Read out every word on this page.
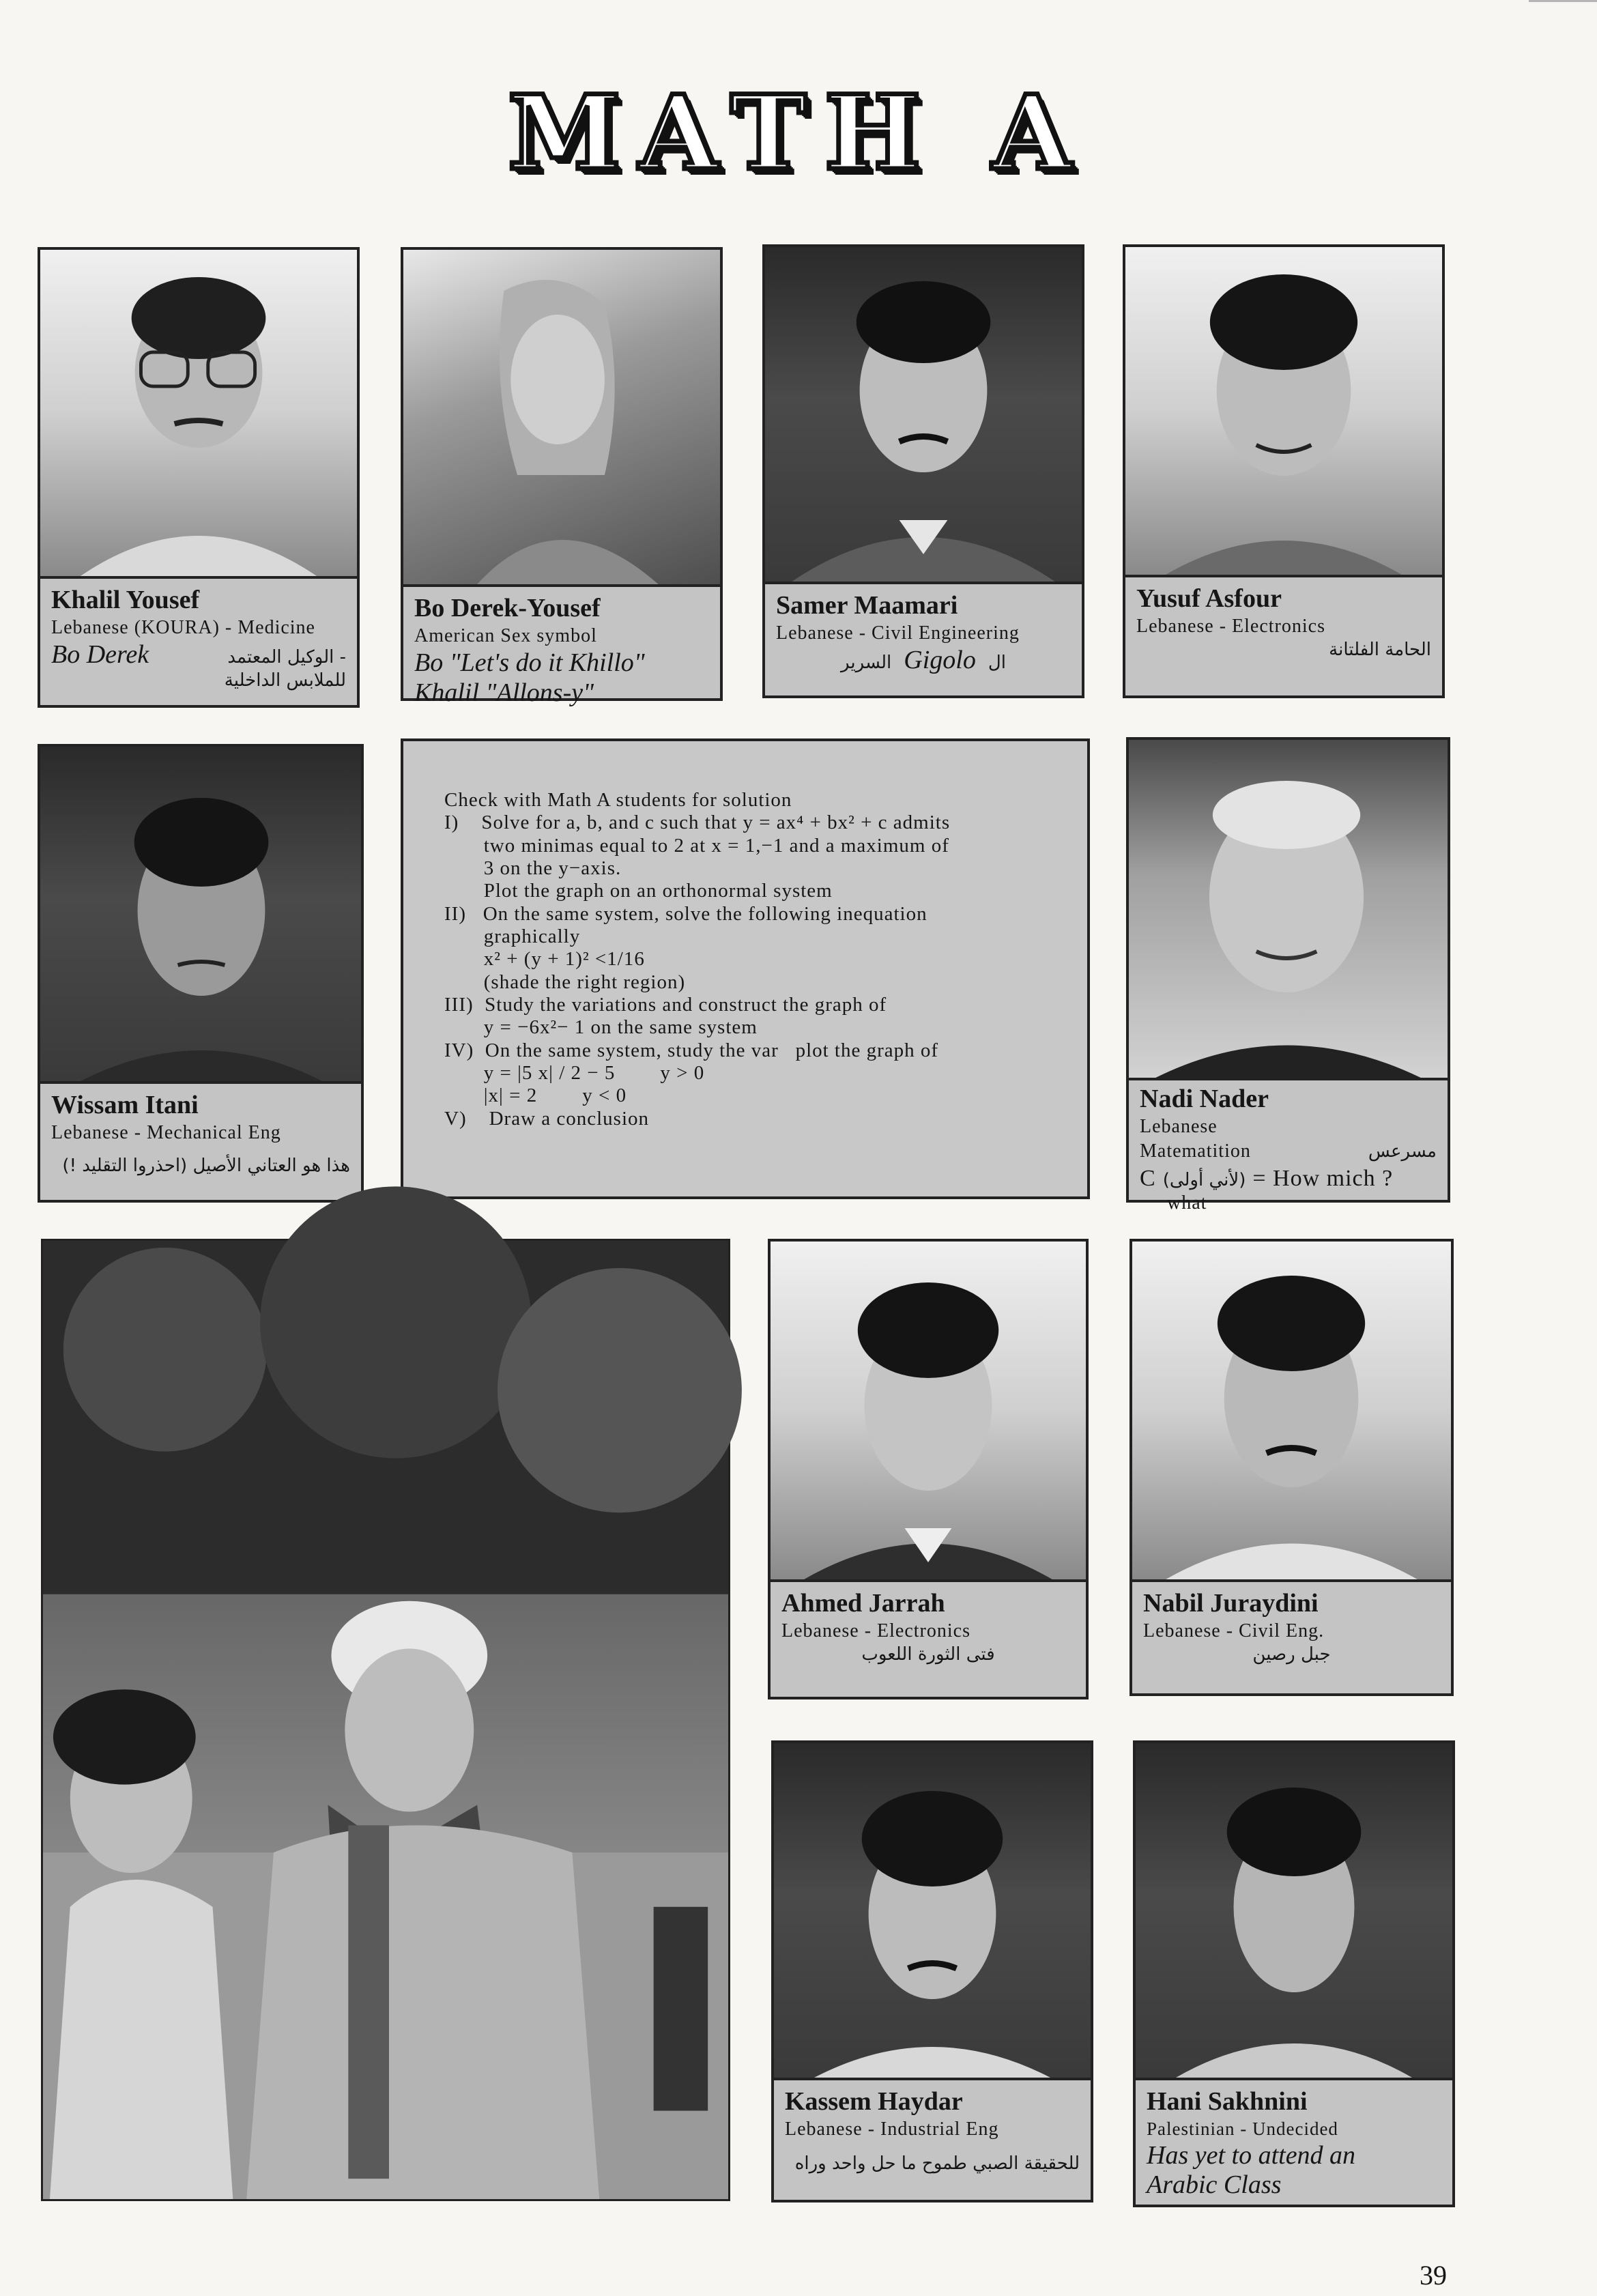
MATH A
Khalil Yousef
Lebanese (KOURA) - Medicine
Bo Derek	- الوكيل المعتمد للملابس الداخلية
Bo Derek-Yousef
American Sex symbol
Bo "Let's do it Khillo"
Khalil "Allons-y"
Samer Maamari
Lebanese - Civil Engineering
السرير Gigolo ال
Yusuf Asfour
Lebanese - Electronics
الحامة الفلتانة
Wissam Itani
Lebanese - Mechanical Eng
هذا هو العتاني الأصيل (احذروا التقليد !)
Check with Math A students for solution
I)    Solve for a, b, and c such that y = ax⁴ + bx² + c admits
two minimas equal to 2 at x = 1,−1 and a maximum of
3 on the y−axis.
Plot the graph on an orthonormal system
II)   On the same system, solve the following inequation
graphically
x² + (y + 1)² <1/16
(shade the right region)
III)  Study the variations and construct the graph of
y = −6x²− 1 on the same system
IV)  On the same system, study the var   plot the graph of
y = |5 x| / 2 − 5        y > 0
|x| = 2        y < 0
V)    Draw a conclusion
Nadi Nader
Lebanese
Matematition	مسرعس
C (لأني أولى) = How mich ?
what
Ahmed Jarrah
Lebanese - Electronics
فتى الثورة اللعوب
Nabil Juraydini
Lebanese - Civil Eng.
جبل رصين
Kassem Haydar
Lebanese - Industrial Eng
للحقيقة الصبي طموح ما حل واحد وراه
Hani Sakhnini
Palestinian - Undecided
Has yet to attend an
Arabic Class
39
